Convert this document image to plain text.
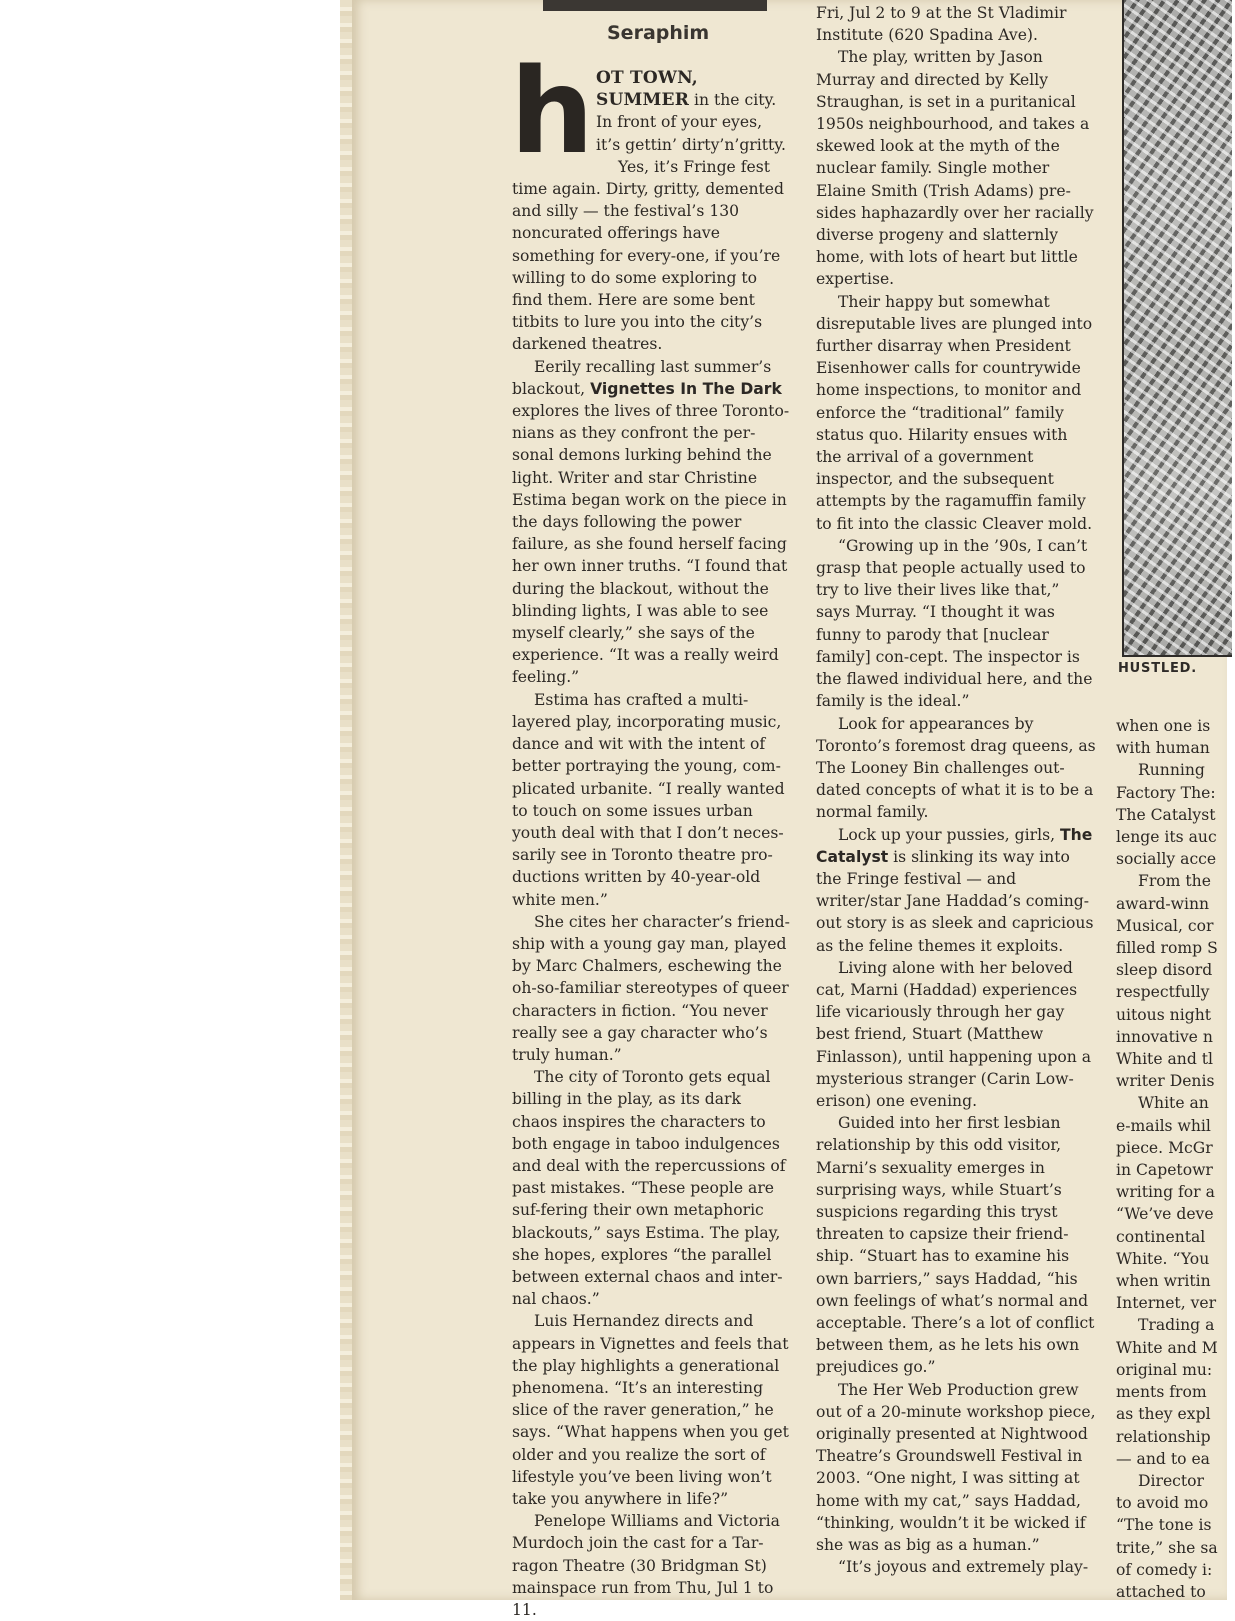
Seraphim

h OT TOWN, SUMMER in the city. In front of your eyes, it’s gettin’ dirty’n’gritty.

Yes, it’s Fringe fest time again. Dirty, gritty, demented and silly — the festival’s 130 noncurated offerings have something for every-one, if you’re willing to do some exploring to find them. Here are some bent titbits to lure you into the city’s darkened theatres.

Eerily recalling last summer’s blackout, Vignettes In The Dark explores the lives of three Toronto-nians as they confront the per-sonal demons lurking behind the light. Writer and star Christine Estima began work on the piece in the days following the power failure, as she found herself facing her own inner truths. “I found that during the blackout, without the blinding lights, I was able to see myself clearly,” she says of the experience. “It was a really weird feeling.”

Estima has crafted a multi-layered play, incorporating music, dance and wit with the intent of better portraying the young, com-plicated urbanite. “I really wanted to touch on some issues urban youth deal with that I don’t neces-sarily see in Toronto theatre pro-ductions written by 40-year-old white men.”

She cites her character’s friend-ship with a young gay man, played by Marc Chalmers, eschewing the oh-so-familiar stereotypes of queer characters in fiction. “You never really see a gay character who’s truly human.”

The city of Toronto gets equal billing in the play, as its dark chaos inspires the characters to both engage in taboo indulgences and deal with the repercussions of past mistakes. “These people are suf-fering their own metaphoric blackouts,” says Estima. The play, she hopes, explores “the parallel between external chaos and inter-nal chaos.”

Luis Hernandez directs and appears in Vignettes and feels that the play highlights a generational phenomena. “It’s an interesting slice of the raver generation,” he says. “What happens when you get older and you realize the sort of lifestyle you’ve been living won’t take you anywhere in life?”

Penelope Williams and Victoria Murdoch join the cast for a Tar-ragon Theatre (30 Bridgman St) mainspace run from Thu, Jul 1 to 11.

Fri, Jul 2 to 9 at the St Vladimir Institute (620 Spadina Ave).

The play, written by Jason Murray and directed by Kelly Straughan, is set in a puritanical 1950s neighbourhood, and takes a skewed look at the myth of the nuclear family. Single mother Elaine Smith (Trish Adams) pre-sides haphazardly over her racially diverse progeny and slatternly home, with lots of heart but little expertise.

Their happy but somewhat disreputable lives are plunged into further disarray when President Eisenhower calls for countrywide home inspections, to monitor and enforce the “traditional” family status quo. Hilarity ensues with the arrival of a government inspector, and the subsequent attempts by the ragamuffin family to fit into the classic Cleaver mold.

“Growing up in the ’90s, I can’t grasp that people actually used to try to live their lives like that,” says Murray. “I thought it was funny to parody that [nuclear family] con-cept. The inspector is the flawed individual here, and the family is the ideal.”

Look for appearances by Toronto’s foremost drag queens, as The Looney Bin challenges out-dated concepts of what it is to be a normal family.

Lock up your pussies, girls, The Catalyst is slinking its way into the Fringe festival — and writer/star Jane Haddad’s coming-out story is as sleek and capricious as the feline themes it exploits.

Living alone with her beloved cat, Marni (Haddad) experiences life vicariously through her gay best friend, Stuart (Matthew Finlasson), until happening upon a mysterious stranger (Carin Low-erison) one evening.

Guided into her first lesbian relationship by this odd visitor, Marni’s sexuality emerges in surprising ways, while Stuart’s suspicions regarding this tryst threaten to capsize their friend-ship. “Stuart has to examine his own barriers,” says Haddad, “his own feelings of what’s normal and acceptable. There’s a lot of conflict between them, as he lets his own prejudices go.”

The Her Web Production grew out of a 20-minute workshop piece, originally presented at Nightwood Theatre’s Groundswell Festival in 2003. “One night, I was sitting at home with my cat,” says Haddad, “thinking, wouldn’t it be wicked if she was as big as a human.”

“It’s joyous and extremely play-

HUSTLED.
when one is
with human
Running
Factory The:
The Catalyst
lenge its auc
socially acce
From the
award-winn
Musical, cor
filled romp S
sleep disord
respectfully
uitous night
innovative n
White and tl
writer Denis
White an
e-mails whil
piece. McGr
in Capetowr
writing for a
“We’ve deve
continental
White. “You
when writin
Internet, ver
Trading a
White and M
original mu:
ments from
as they expl
relationship
— and to ea
Director
to avoid mo
“The tone is
trite,” she sa
of comedy i:
attached to
